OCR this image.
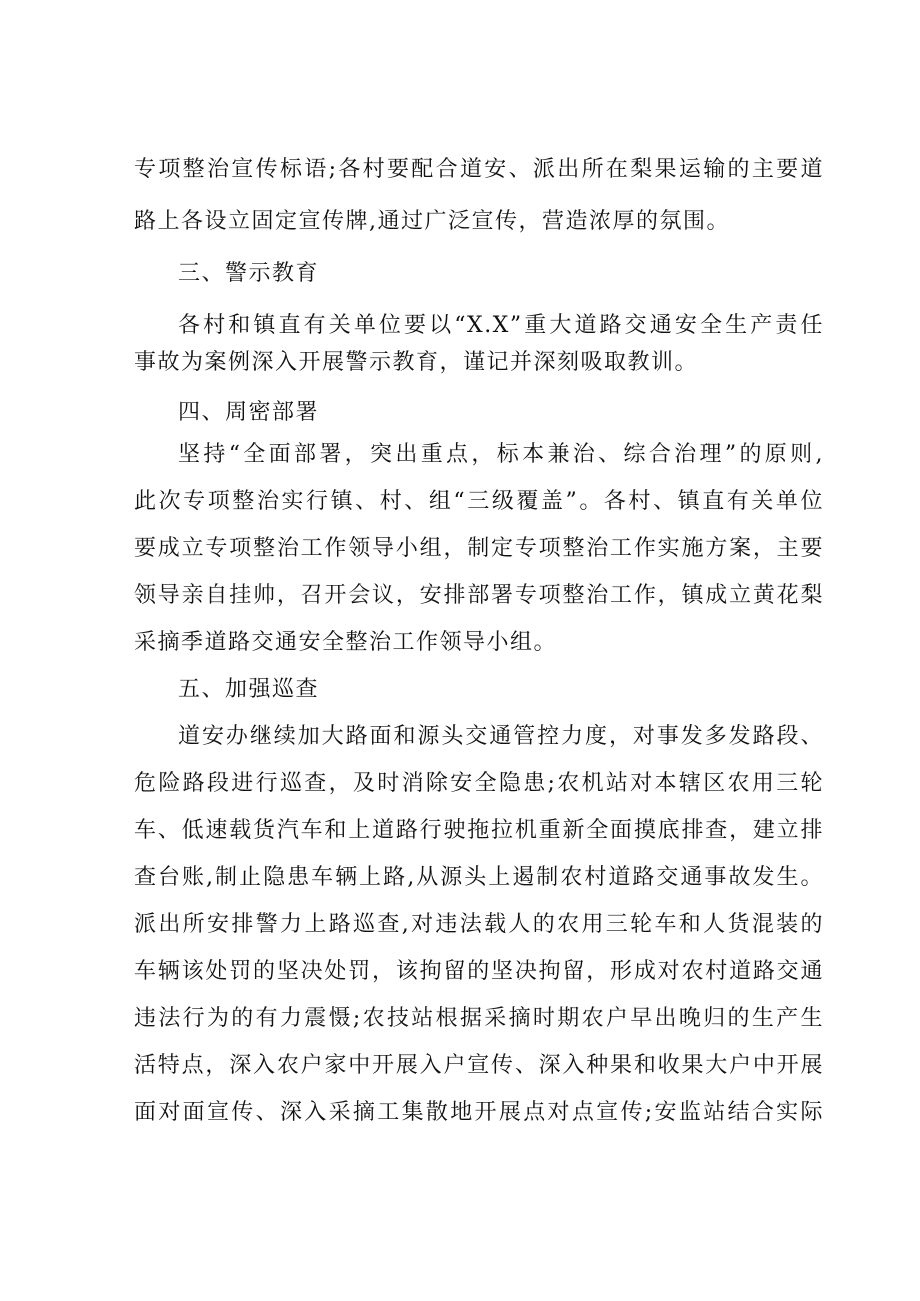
专项整治宣传标语;各村要配合道安、派出所在梨果运输的主要道
路上各设立固定宣传牌,通过广泛宣传，营造浓厚的氛围。
三、警示教育
各村和镇直有关单位要以“X.X”重大道路交通安全生产责任
事故为案例深入开展警示教育，谨记并深刻吸取教训。
四、周密部署
坚持“全面部署，突出重点，标本兼治、综合治理”的原则,
此次专项整治实行镇、村、组“三级覆盖”。各村、镇直有关单位
要成立专项整治工作领导小组，制定专项整治工作实施方案，主要
领导亲自挂帅，召开会议，安排部署专项整治工作，镇成立黄花梨
采摘季道路交通安全整治工作领导小组。
五、加强巡查
道安办继续加大路面和源头交通管控力度，对事发多发路段、
危险路段进行巡查，及时消除安全隐患;农机站对本辖区农用三轮
车、低速载货汽车和上道路行驶拖拉机重新全面摸底排查，建立排
查台账,制止隐患车辆上路,从源头上遏制农村道路交通事故发生。
派出所安排警力上路巡查,对违法载人的农用三轮车和人货混装的
车辆该处罚的坚决处罚，该拘留的坚决拘留，形成对农村道路交通
违法行为的有力震慑;农技站根据采摘时期农户早出晚归的生产生
活特点，深入农户家中开展入户宣传、深入种果和收果大户中开展
面对面宣传、深入采摘工集散地开展点对点宣传;安监站结合实际
